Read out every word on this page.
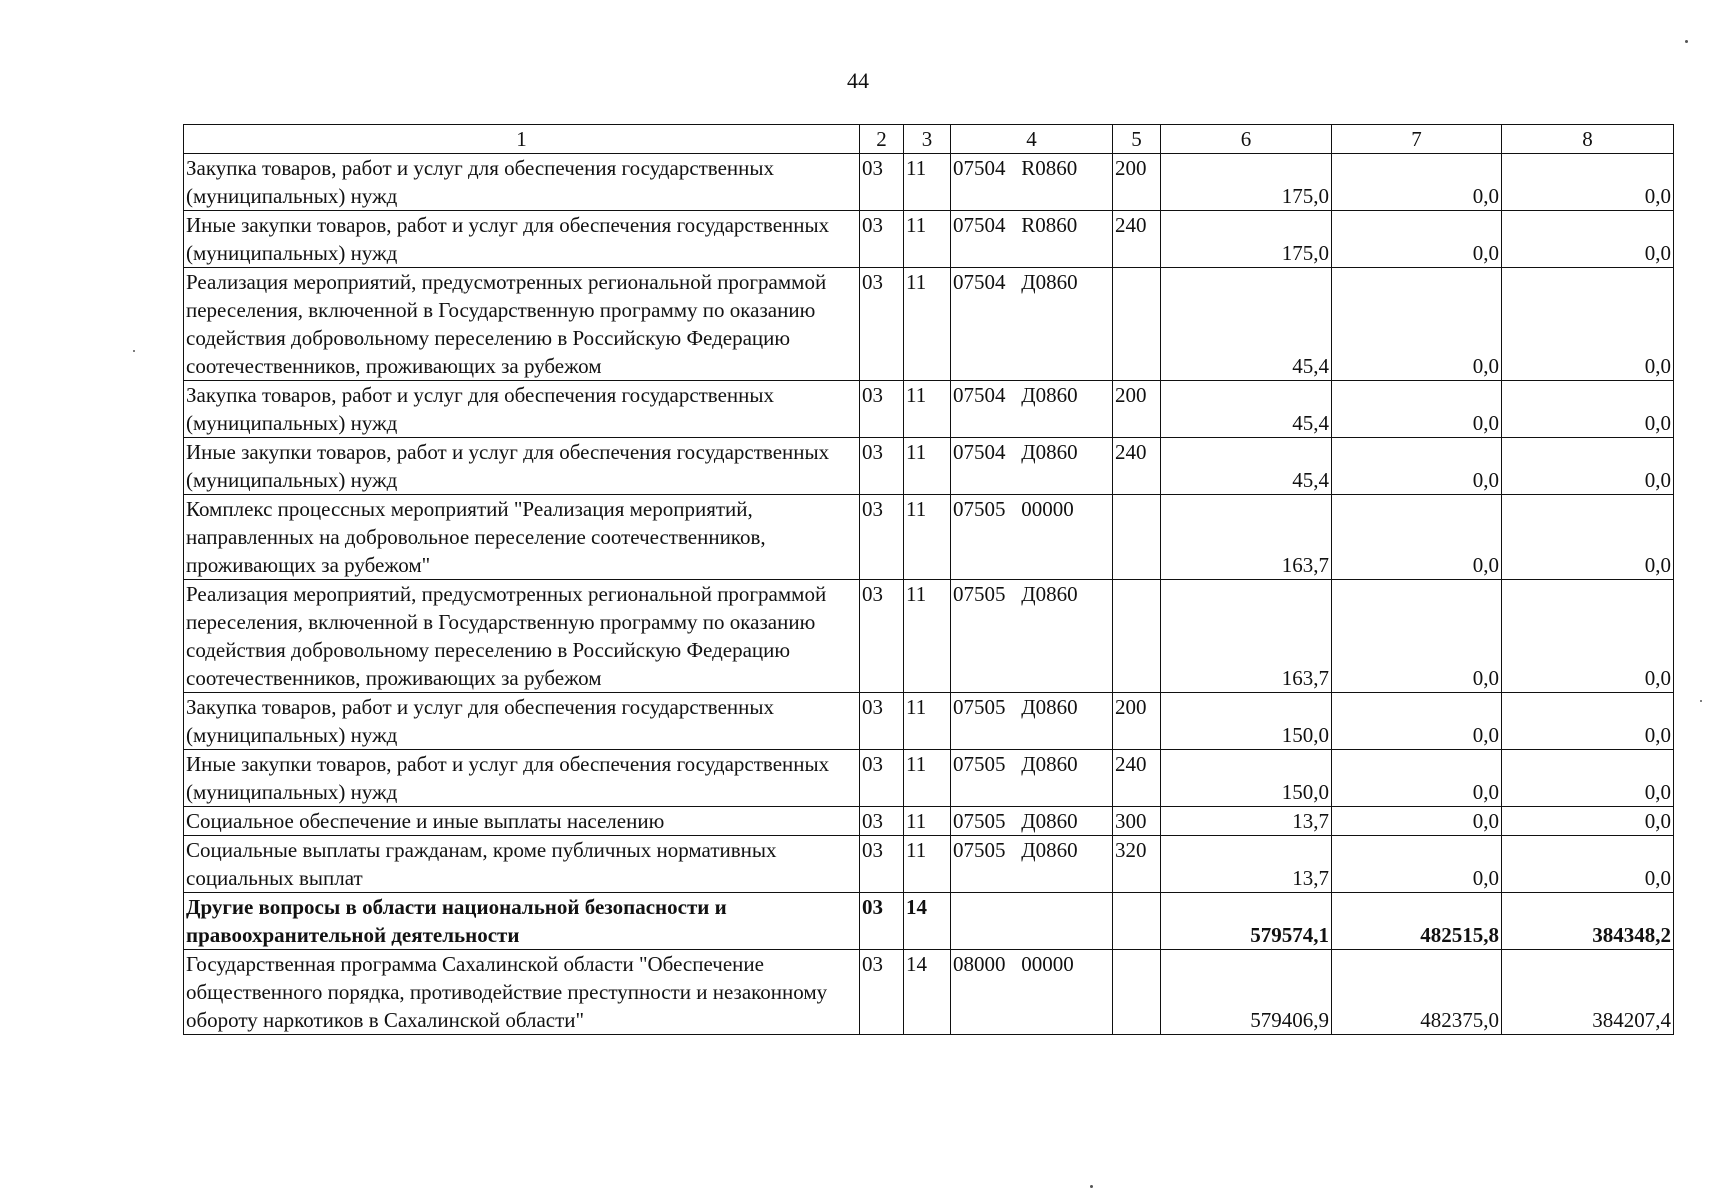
44
1	2	3	4	5	6	7	8
Закупка товаров, работ и услуг для обеспечения государственных (муниципальных) нужд	03	11	07504   R0860	200	175,0	0,0	0,0
Иные закупки товаров, работ и услуг для обеспечения государственных (муниципальных) нужд	03	11	07504   R0860	240	175,0	0,0	0,0
Реализация мероприятий, предусмотренных региональной программой переселения, включенной в Государственную программу по оказанию содействия добровольному переселению в Российскую Федерацию соотечественников, проживающих за рубежом	03	11	07504   Д0860		45,4	0,0	0,0
Закупка товаров, работ и услуг для обеспечения государственных (муниципальных) нужд	03	11	07504   Д0860	200	45,4	0,0	0,0
Иные закупки товаров, работ и услуг для обеспечения государственных (муниципальных) нужд	03	11	07504   Д0860	240	45,4	0,0	0,0
Комплекс процессных мероприятий "Реализация мероприятий, направленных на добровольное переселение соотечественников, проживающих за рубежом"	03	11	07505   00000		163,7	0,0	0,0
Реализация мероприятий, предусмотренных региональной программой переселения, включенной в Государственную программу по оказанию содействия добровольному переселению в Российскую Федерацию соотечественников, проживающих за рубежом	03	11	07505   Д0860		163,7	0,0	0,0
Закупка товаров, работ и услуг для обеспечения государственных (муниципальных) нужд	03	11	07505   Д0860	200	150,0	0,0	0,0
Иные закупки товаров, работ и услуг для обеспечения государственных (муниципальных) нужд	03	11	07505   Д0860	240	150,0	0,0	0,0
Социальное обеспечение и иные выплаты населению	03	11	07505   Д0860	300	13,7	0,0	0,0
Социальные выплаты гражданам, кроме публичных нормативных социальных выплат	03	11	07505   Д0860	320	13,7	0,0	0,0
Другие вопросы в области национальной безопасности и правоохранительной деятельности	03	14			579574,1	482515,8	384348,2
Государственная программа Сахалинской области "Обеспечение общественного порядка, противодействие преступности и незаконному обороту наркотиков в Сахалинской области"	03	14	08000   00000		579406,9	482375,0	384207,4
